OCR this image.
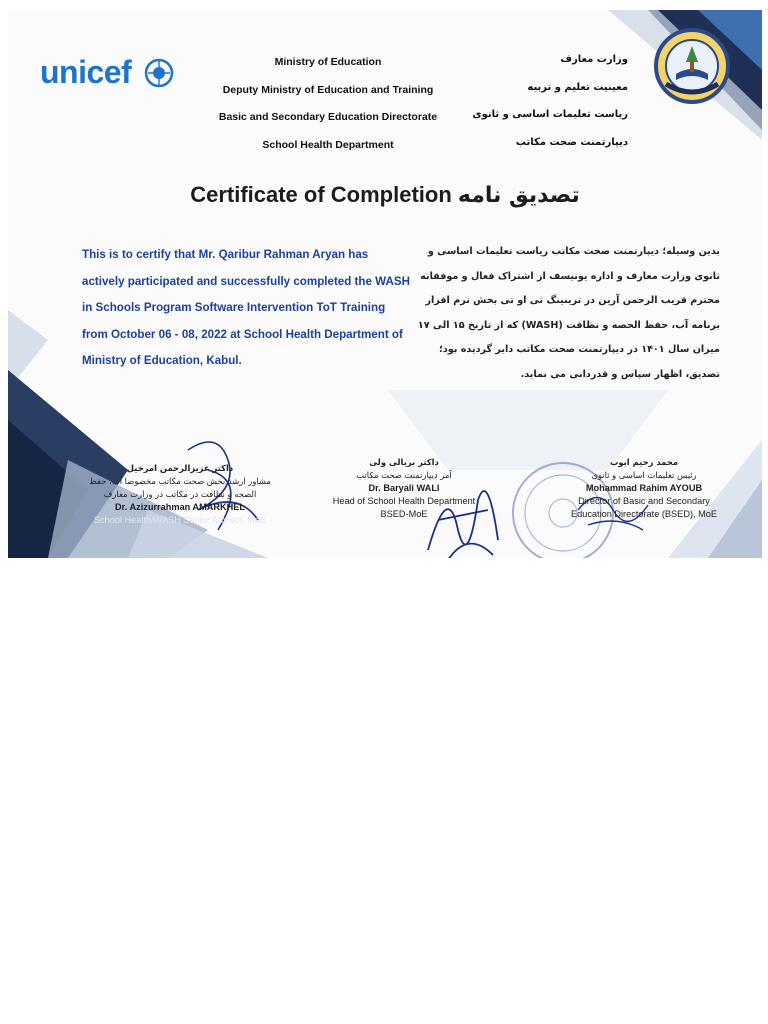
unicef	Ministry of Education
Deputy Ministry of Education and Training
Basic and Secondary Education Directorate
School Health Department
وزارت معارف
معینیت تعلیم و تربیه
ریاست تعلیمات اساسی و ثانوی
دیپارتمنت صحت مکاتب
Certificate of Completion تصدیق نامه
This is to certify that Mr. Qaribur Rahman Aryan has actively participated and successfully completed the WASH in Schools Program Software Intervention ToT Training from October 06 - 08, 2022 at School Health Department of Ministry of Education, Kabul.
بدین وسیله؛ دیپارتمنت صحت مکاتب ریاست تعلیمات اساسی و ثانوی وزارت معارف و اداره یونیسف از اشتراک فعال و موفقانه محترم قریب الرحمن آرین در ترینینگ تی او تی بخش نرم افزار برنامه آب، حفظ الحصه و نظافت (WASH) که از تاریخ ۱۵ الی ۱۷ میزان سال ۱۴۰۱ در دیپارتمنت صحت مکاتب دایر گردیده بود؛ تصدیق، اظهار سپاس و قدردانی می نماید.
داکتر عزیزالرحمن امرخیل
مشاور ارشد بخش صحت مکاتب مخصوصا آب، حفظ
الصحه و نظافت در مکاتب در وزارت معارف
Dr. Azizurrahman AMARKHEL
School Health/WASH Senior Advisor, MoE
داکتر بریالی ولی
آمر دیپارتمنت صحت مکاتب
Dr. Baryali WALI
Head of School Health Department
BSED-MoE
محمد رحیم ایوب
رئیس تعلیمات اساسی و ثانوی
Mohammad Rahim AYOUB
Director of Basic and Secondary
Education Directorate (BSED), MoE
